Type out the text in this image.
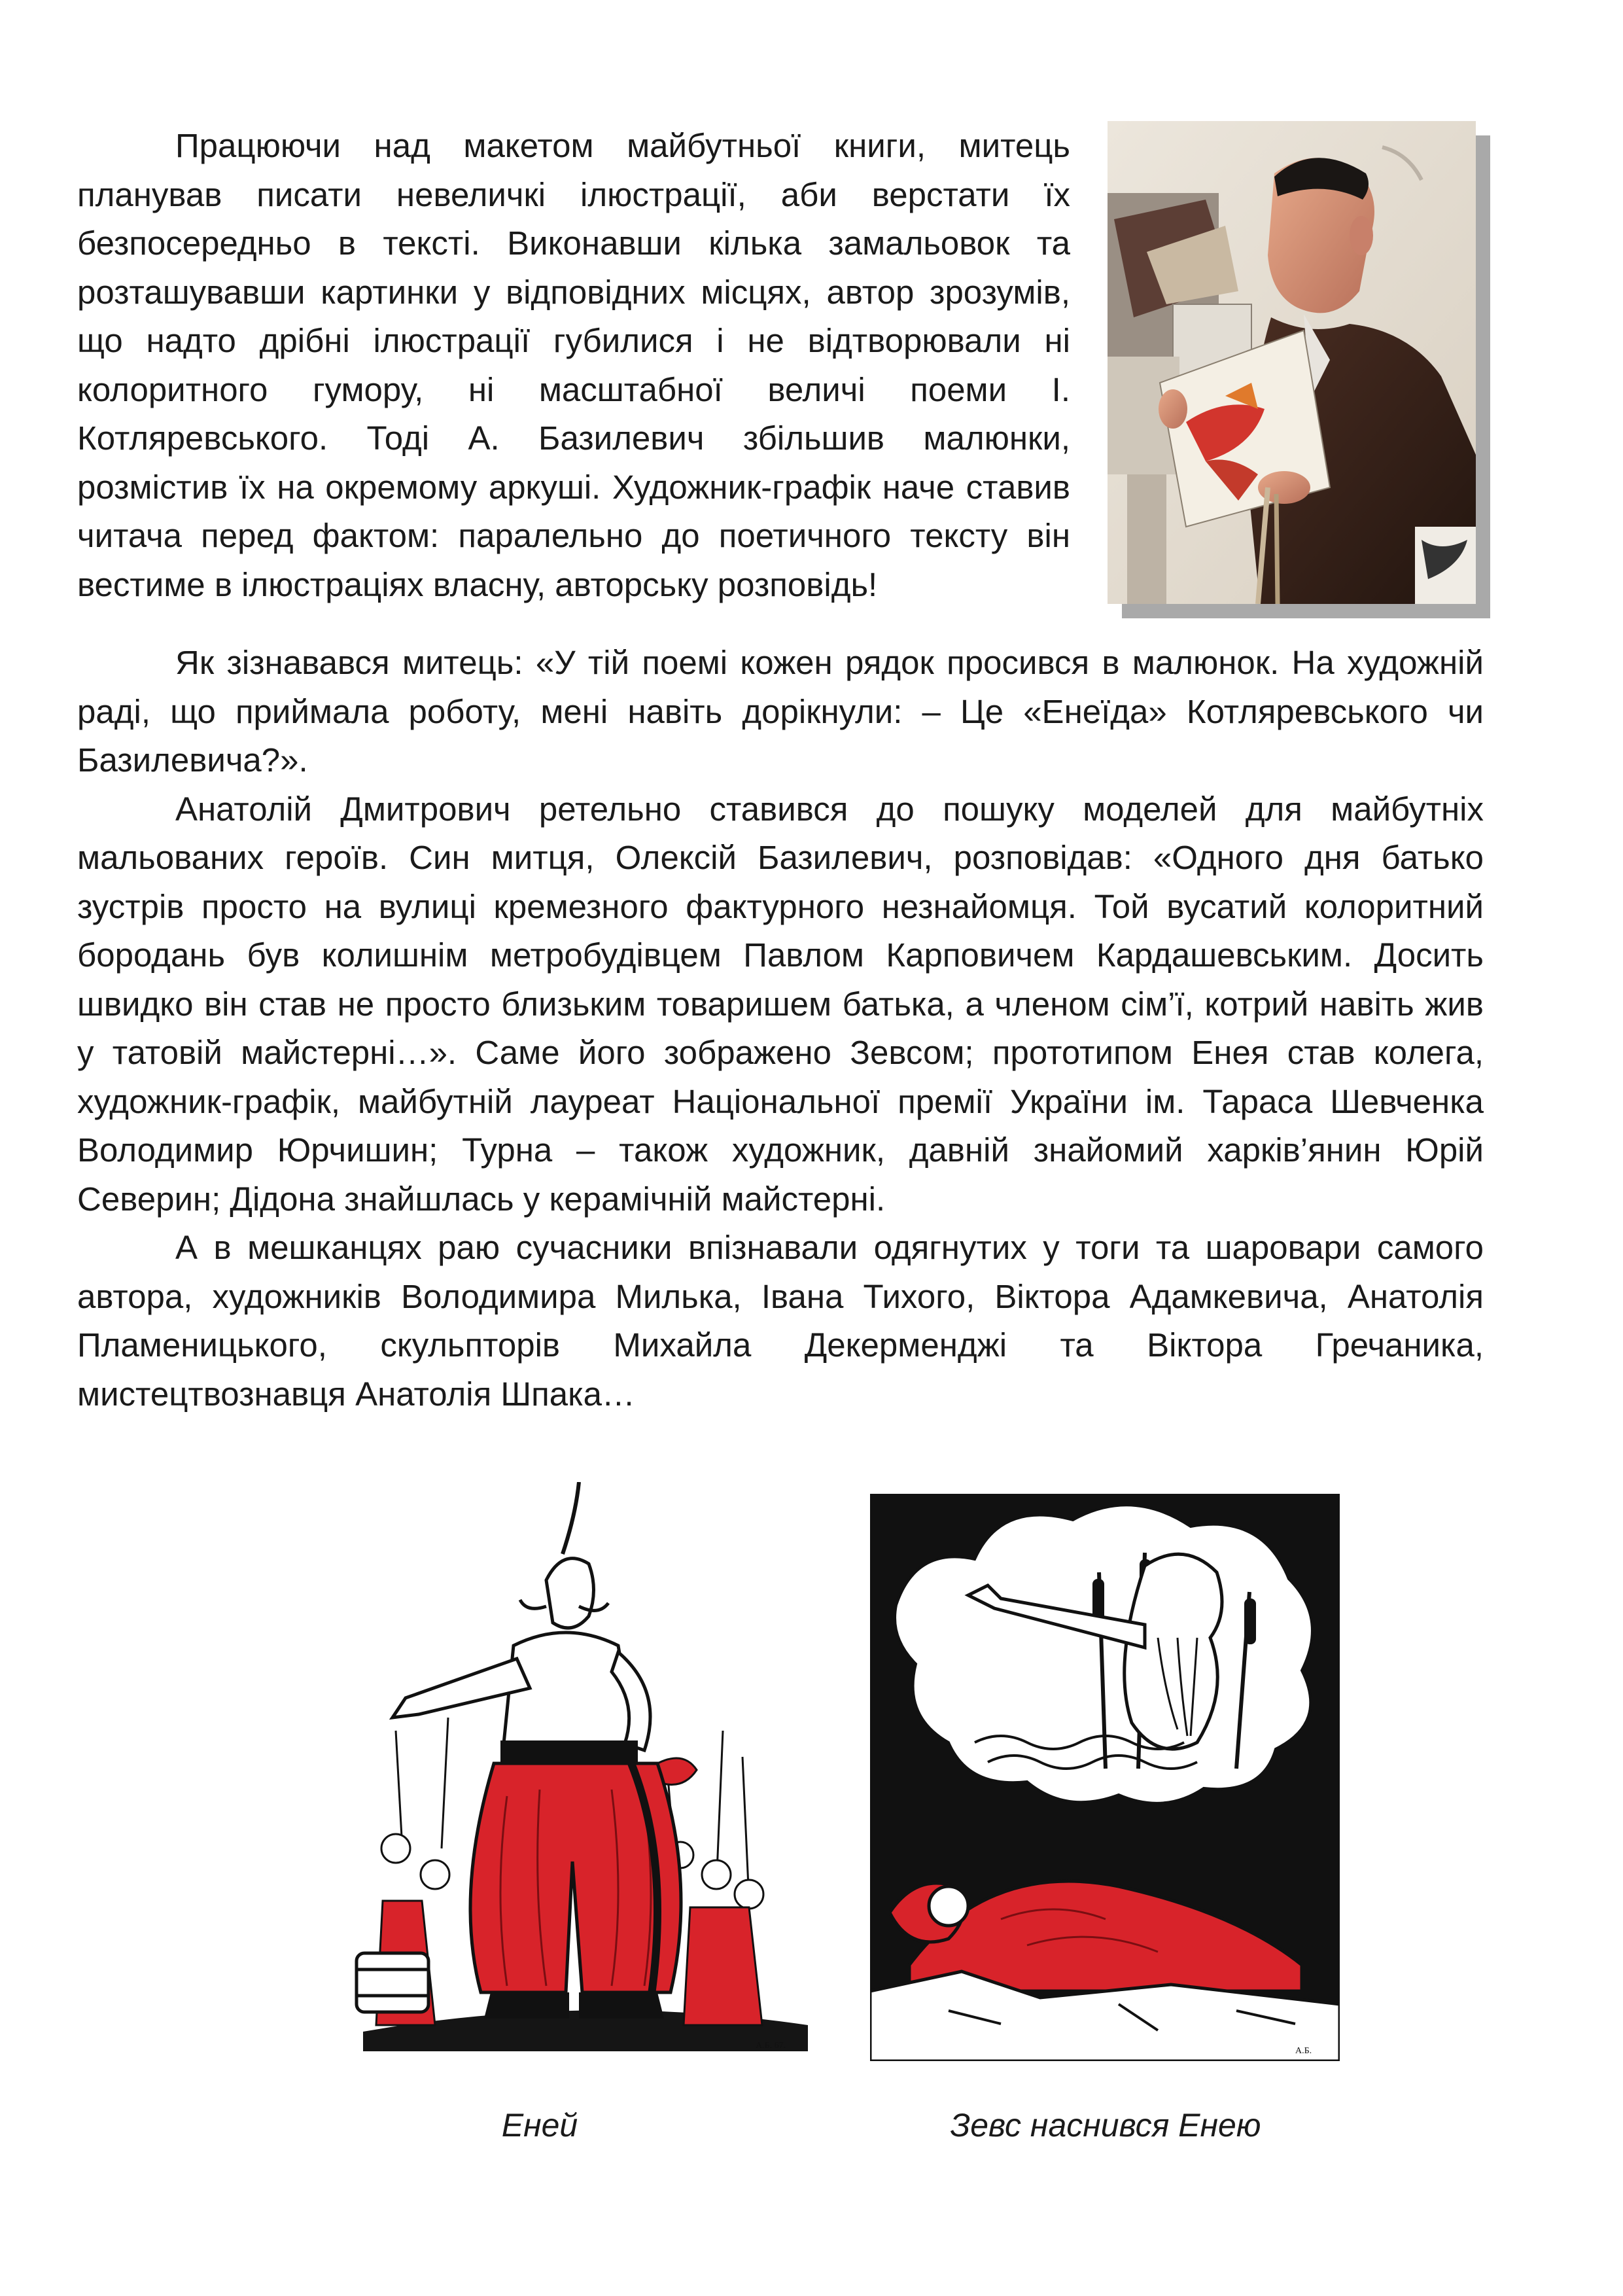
Працюючи над макетом майбутньої книги, митець планував писати невеличкі ілюстрації, аби верстати їх безпосередньо в тексті. Виконавши кілька замальовок та розташувавши картинки у відповідних місцях, автор зрозумів, що надто дрібні ілюстрації губилися і не відтворювали ні колоритного гумору, ні масштабної величі поеми І. Котляревського. Тоді А. Базилевич збільшив малюнки, розмістив їх на окремому аркуші. Художник-графік наче ставив читача перед фактом: паралельно до поетичного тексту він вестиме в ілюстраціях власну, авторську розповідь!

Як зізнавався митець: «У тій поемі кожен рядок просився в малюнок. На художній раді, що приймала роботу, мені навіть дорікнули: – Це «Енеїда» Котляревського чи Базилевича?».

Анатолій Дмитрович ретельно ставився до пошуку моделей для майбутніх мальованих героїв. Син митця, Олексій Базилевич, розповідав: «Одного дня батько зустрів просто на вулиці кремезного фактурного незнайомця. Той вусатий колоритний бородань був колишнім метробудівцем Павлом Карповичем Кардашевським. Досить швидко він став не просто близьким товаришем батька, а членом сім’ї, котрий навіть жив у татовій майстерні…». Саме його зображено Зевсом; прототипом Енея став колега, художник-графік, майбутній лауреат Національної премії України ім. Тараса Шевченка Володимир Юрчишин; Турна – також художник, давній знайомий харків’янин Юрій Северин; Дідона знайшлась у керамічній майстерні.

А в мешканцях раю сучасники впізнавали одягнутих у тоги та шаровари самого автора, художників Володимира Милька, Івана Тихого, Віктора Адамкевича, Анатолія Пламеницького, скульпторів Михайла Декерменджі та Віктора Гречаника, мистецтвознавця Анатолія Шпака…

А.Б. 67.
А.Б.
Еней	Зевс наснився Енею
